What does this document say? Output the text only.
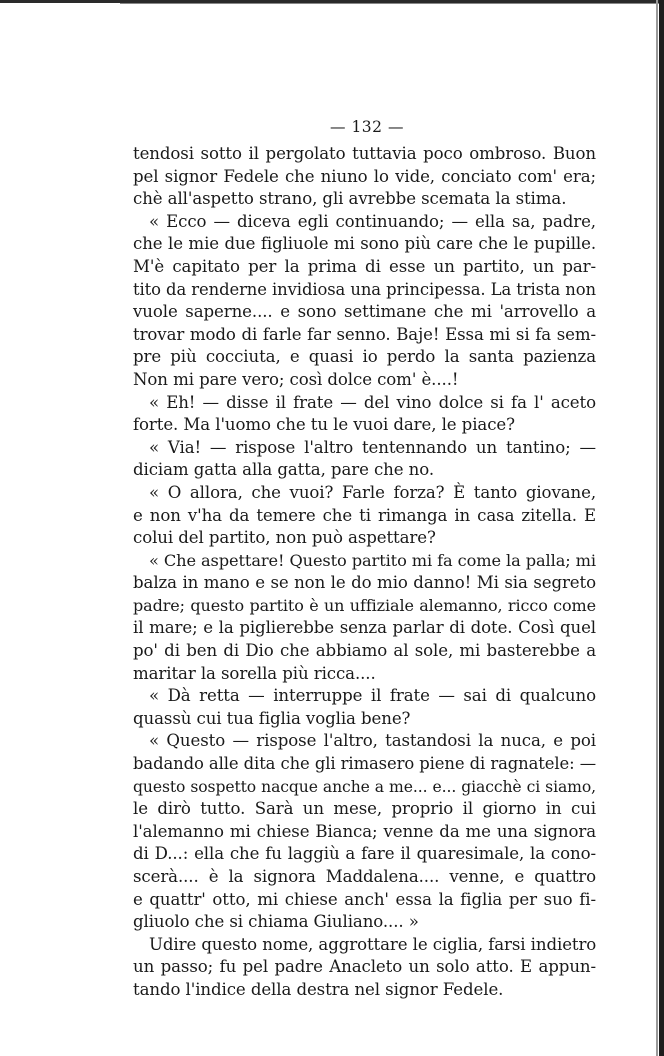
— 132 —
tendosi sotto il pergolato tuttavia poco ombroso. Buon
pel signor Fedele che niuno lo vide, conciato com' era;
chè all'aspetto strano, gli avrebbe scemata la stima.
« Ecco — diceva egli continuando; — ella sa, padre,
che le mie due figliuole mi sono più care che le pupille.
M'è capitato per la prima di esse un partito, un par-
tito da renderne invidiosa una principessa. La trista non
vuole saperne.... e sono settimane che mi 'arrovello a
trovar modo di farle far senno. Baje! Essa mi si fa sem-
pre più cocciuta, e quasi io perdo la santa pazienza
Non mi pare vero; così dolce com' è....!
« Eh! — disse il frate — del vino dolce si fa l' aceto
forte. Ma l'uomo che tu le vuoi dare, le piace?
« Via! — rispose l'altro tentennando un tantino; —
diciam gatta alla gatta, pare che no.
« O allora, che vuoi? Farle forza? È tanto giovane,
e non v'ha da temere che ti rimanga in casa zitella. E
colui del partito, non può aspettare?
« Che aspettare! Questo partito mi fa come la palla; mi
balza in mano e se non le do mio danno! Mi sia segreto
padre; questo partito è un uffiziale alemanno, ricco come
il mare; e la piglierebbe senza parlar di dote. Così quel
po' di ben di Dio che abbiamo al sole, mi basterebbe a
maritar la sorella più ricca....
« Dà retta — interruppe il frate — sai di qualcuno
quassù cui tua figlia voglia bene?
« Questo — rispose l'altro, tastandosi la nuca, e poi
badando alle dita che gli rimasero piene di ragnatele: —
questo sospetto nacque anche a me... e... giacchè ci siamo,
le dirò tutto. Sarà un mese, proprio il giorno in cui
l'alemanno mi chiese Bianca; venne da me una signora
di D...: ella che fu laggiù a fare il quaresimale, la cono-
scerà.... è la signora Maddalena.... venne, e quattro
e quattr' otto, mi chiese anch' essa la figlia per suo fi-
gliuolo che si chiama Giuliano.... »
Udire questo nome, aggrottare le ciglia, farsi indietro
un passo; fu pel padre Anacleto un solo atto. E appun-
tando l'indice della destra nel signor Fedele.
